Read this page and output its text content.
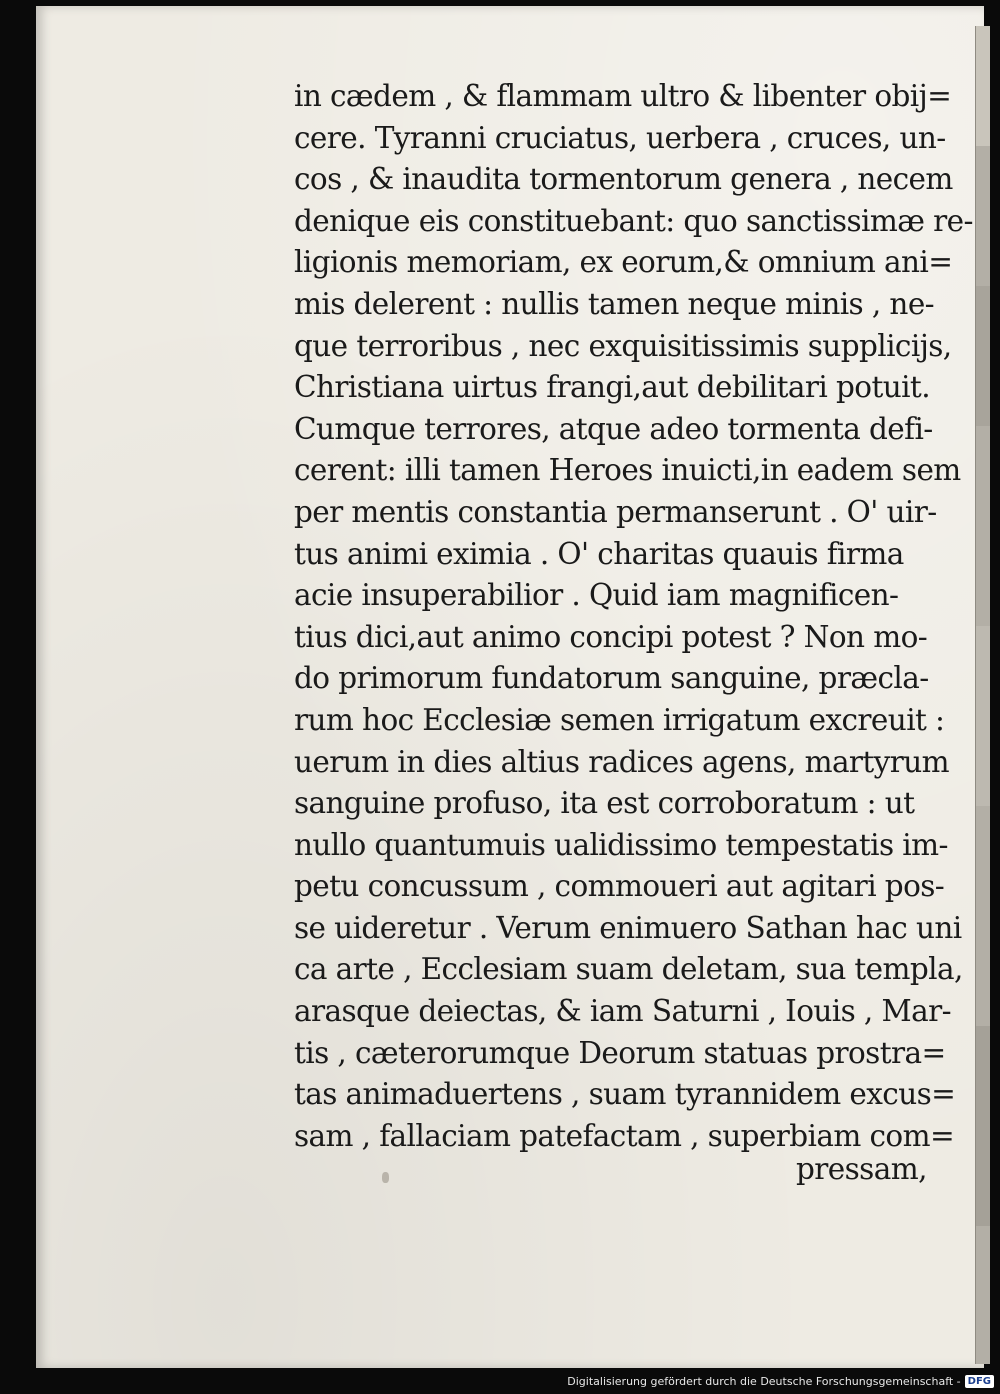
in cædem , & flammam ultro & libenter obij=
cere. Tyranni cruciatus, uerbera , cruces, un-
cos , & inaudita tormentorum genera , necem
denique eis constituebant: quo sanctissimæ re-
ligionis memoriam, ex eorum,& omnium ani=
mis delerent : nullis tamen neque minis , ne-
que terroribus , nec exquisitissimis supplicijs,
Christiana uirtus frangi,aut debilitari potuit.
Cumque terrores, atque adeo tormenta defi-
cerent: illi tamen Heroes inuicti,in eadem sem
per mentis constantia permanserunt . O' uir-
tus animi eximia . O' charitas quauis firma
acie insuperabilior . Quid iam magnificen-
tius dici,aut animo concipi potest ? Non mo-
do primorum fundatorum sanguine, præcla-
rum hoc Ecclesiæ semen irrigatum excreuit :
uerum in dies altius radices agens, martyrum
sanguine profuso, ita est corroboratum : ut
nullo quantumuis ualidissimo tempestatis im-
petu concussum , commoueri aut agitari pos-
se uideretur . Verum enimuero Sathan hac uni
ca arte , Ecclesiam suam deletam, sua templa,
arasque deiectas, & iam Saturni , Iouis , Mar-
tis , cæterorumque Deorum statuas prostra=
tas animaduertens , suam tyrannidem excus=
sam , fallaciam patefactam , superbiam com=
pressam,
Digitalisierung gefördert durch die Deutsche Forschungsgemeinschaft - DFG
